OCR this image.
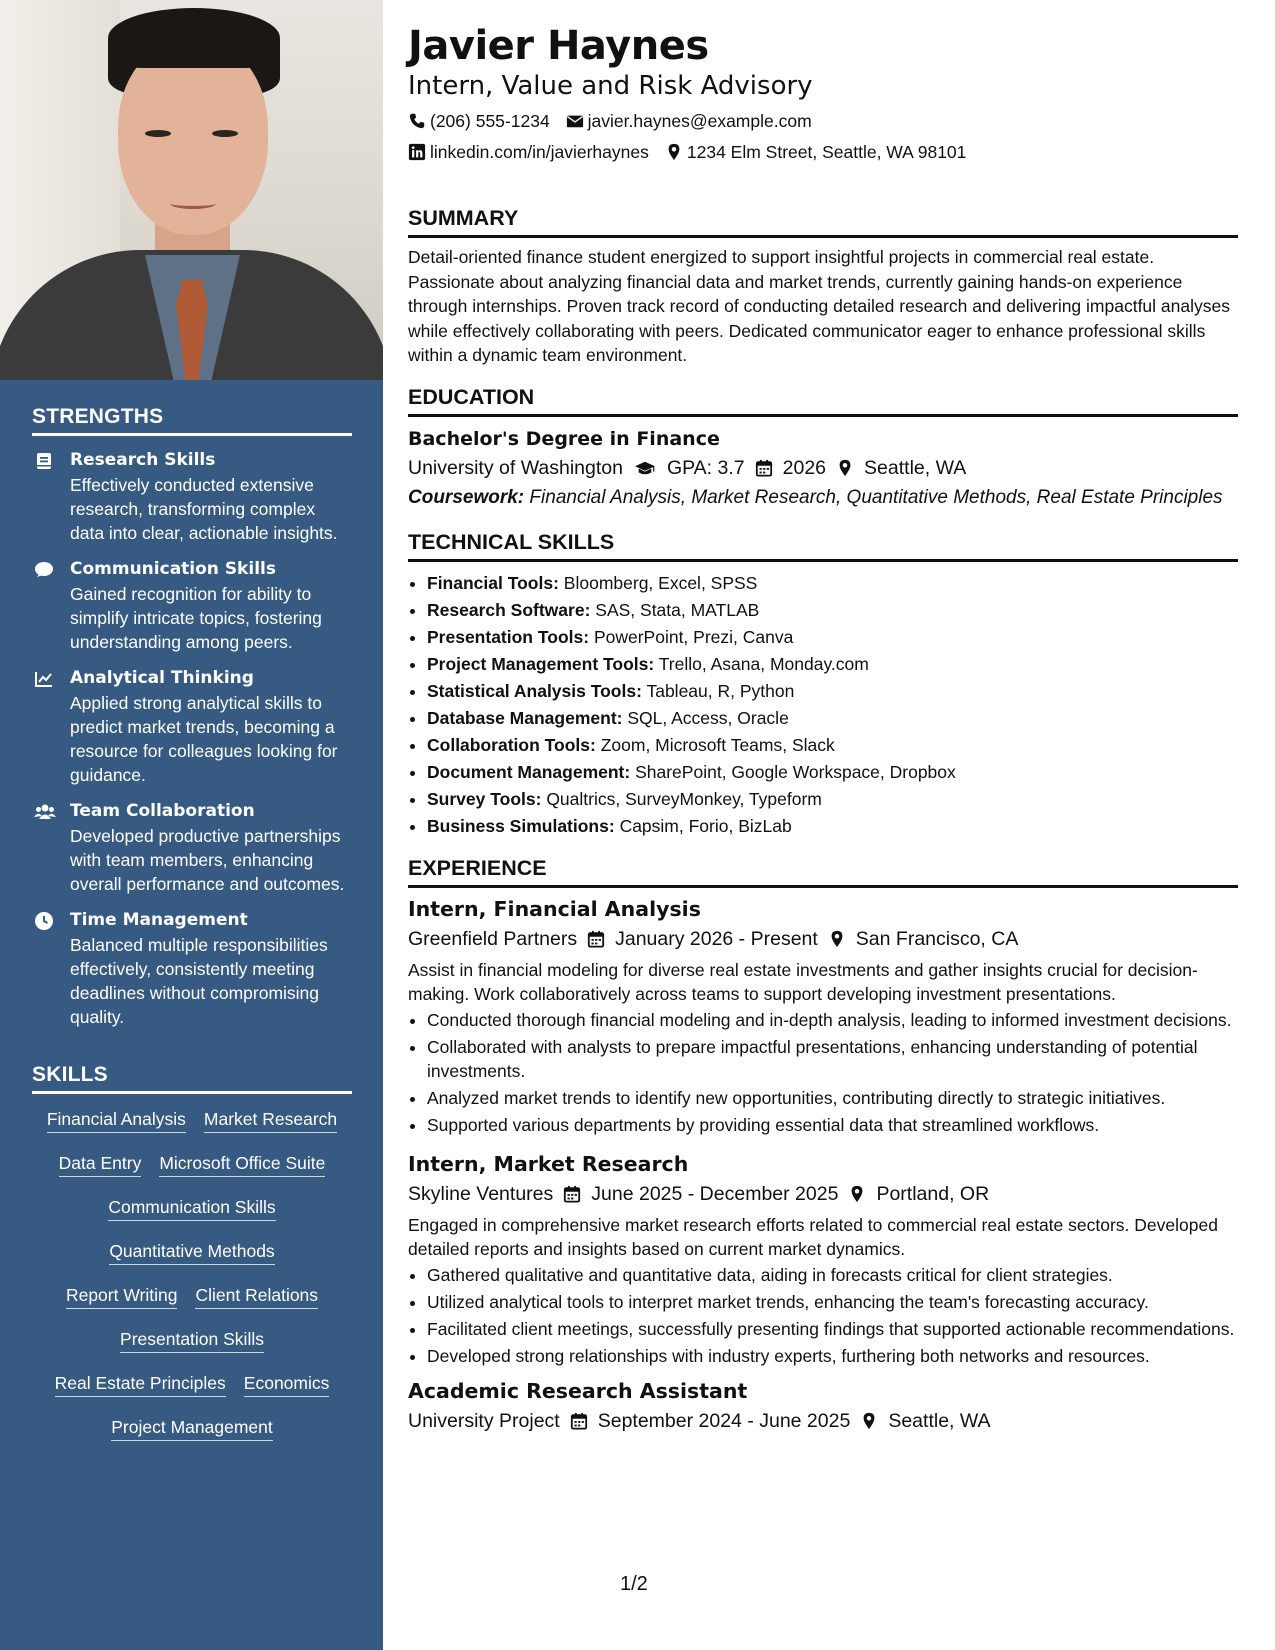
STRENGTHS

Research Skills

Effectively conducted extensive research, transforming complex data into clear, actionable insights.

Communication Skills

Gained recognition for ability to simplify intricate topics, fostering understanding among peers.

Analytical Thinking

Applied strong analytical skills to predict market trends, becoming a resource for colleagues looking for guidance.

Team Collaboration

Developed productive partnerships with team members, enhancing overall performance and outcomes.

Time Management

Balanced multiple responsibilities effectively, consistently meeting deadlines without compromising quality.

SKILLS
Financial Analysis Market Research
Data Entry Microsoft Office Suite
Communication Skills
Quantitative Methods
Report Writing Client Relations
Presentation Skills
Real Estate Principles Economics
Project Management
Javier Haynes

Intern, Value and Risk Advisory

(206) 555-1234 javier.haynes@example.com
linkedin.com/in/javierhaynes 1234 Elm Street, Seattle, WA 98101
SUMMARY

Detail-oriented finance student energized to support insightful projects in commercial real estate. Passionate about analyzing financial data and market trends, currently gaining hands-on experience through internships. Proven track record of conducting detailed research and delivering impactful analyses while effectively collaborating with peers. Dedicated communicator eager to enhance professional skills within a dynamic team environment.

EDUCATION

Bachelor's Degree in Finance

University of Washington GPA: 3.7 2026 Seattle, WA

Coursework: Financial Analysis, Market Research, Quantitative Methods, Real Estate Principles

TECHNICAL SKILLS
• Financial Tools: Bloomberg, Excel, SPSS
• Research Software: SAS, Stata, MATLAB
• Presentation Tools: PowerPoint, Prezi, Canva
• Project Management Tools: Trello, Asana, Monday.com
• Statistical Analysis Tools: Tableau, R, Python
• Database Management: SQL, Access, Oracle
• Collaboration Tools: Zoom, Microsoft Teams, Slack
• Document Management: SharePoint, Google Workspace, Dropbox
• Survey Tools: Qualtrics, SurveyMonkey, Typeform
• Business Simulations: Capsim, Forio, BizLab
EXPERIENCE

Intern, Financial Analysis

Greenfield Partners January 2026 - Present San Francisco, CA

Assist in financial modeling for diverse real estate investments and gather insights crucial for decision-making. Work collaboratively across teams to support developing investment presentations.

• Conducted thorough financial modeling and in-depth analysis, leading to informed investment decisions.
• Collaborated with analysts to prepare impactful presentations, enhancing understanding of potential investments.
• Analyzed market trends to identify new opportunities, contributing directly to strategic initiatives.
• Supported various departments by providing essential data that streamlined workflows.

Intern, Market Research

Skyline Ventures June 2025 - December 2025 Portland, OR

Engaged in comprehensive market research efforts related to commercial real estate sectors. Developed detailed reports and insights based on current market dynamics.

• Gathered qualitative and quantitative data, aiding in forecasts critical for client strategies.
• Utilized analytical tools to interpret market trends, enhancing the team's forecasting accuracy.
• Facilitated client meetings, successfully presenting findings that supported actionable recommendations.
• Developed strong relationships with industry experts, furthering both networks and resources.

Academic Research Assistant

University Project September 2024 - June 2025 Seattle, WA
1/2
